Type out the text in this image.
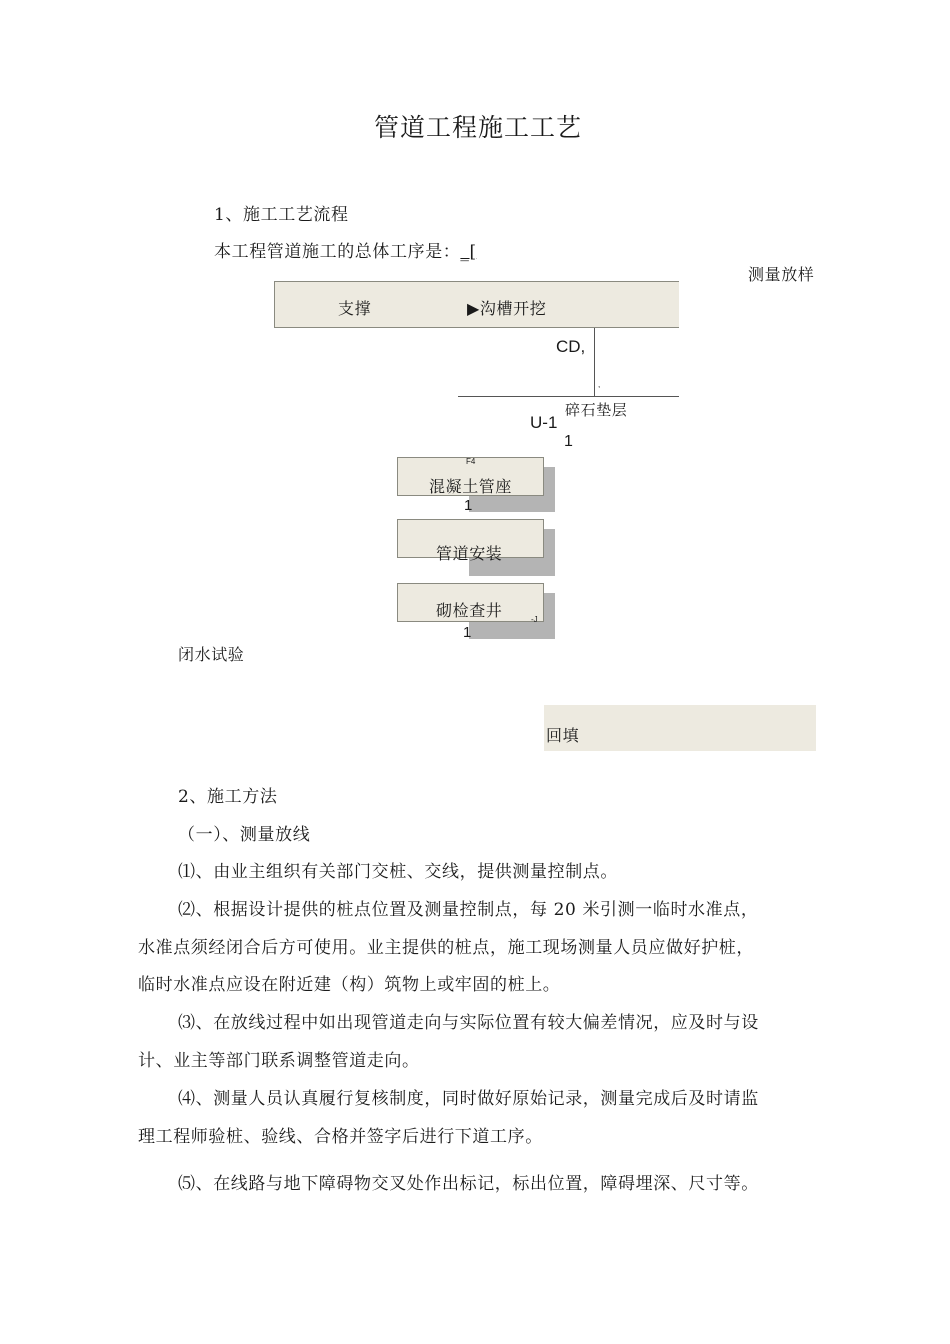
管道工程施工工艺
1、施工工艺流程
本工程管道施工的总体工序是：_[
测量放样
支撑	▶沟槽开挖
CD,
,
碎石垫层
U-1
1
F4
混凝土管座
1
管道安装
砌检查井	-J
1
闭水试验
回填
2、施工方法
（一）、测量放线
⑴、由业主组织有关部门交桩、交线，提供测量控制点。
⑵、根据设计提供的桩点位置及测量控制点，每 20 米引测一临时水准点，
水准点须经闭合后方可使用。业主提供的桩点，施工现场测量人员应做好护桩，
临时水准点应设在附近建（构）筑物上或牢固的桩上。
⑶、在放线过程中如出现管道走向与实际位置有较大偏差情况，应及时与设
计、业主等部门联系调整管道走向。
⑷、测量人员认真履行复核制度，同时做好原始记录，测量完成后及时请监
理工程师验桩、验线、合格并签字后进行下道工序。
⑸、在线路与地下障碍物交叉处作出标记，标出位置，障碍埋深、尺寸等。
